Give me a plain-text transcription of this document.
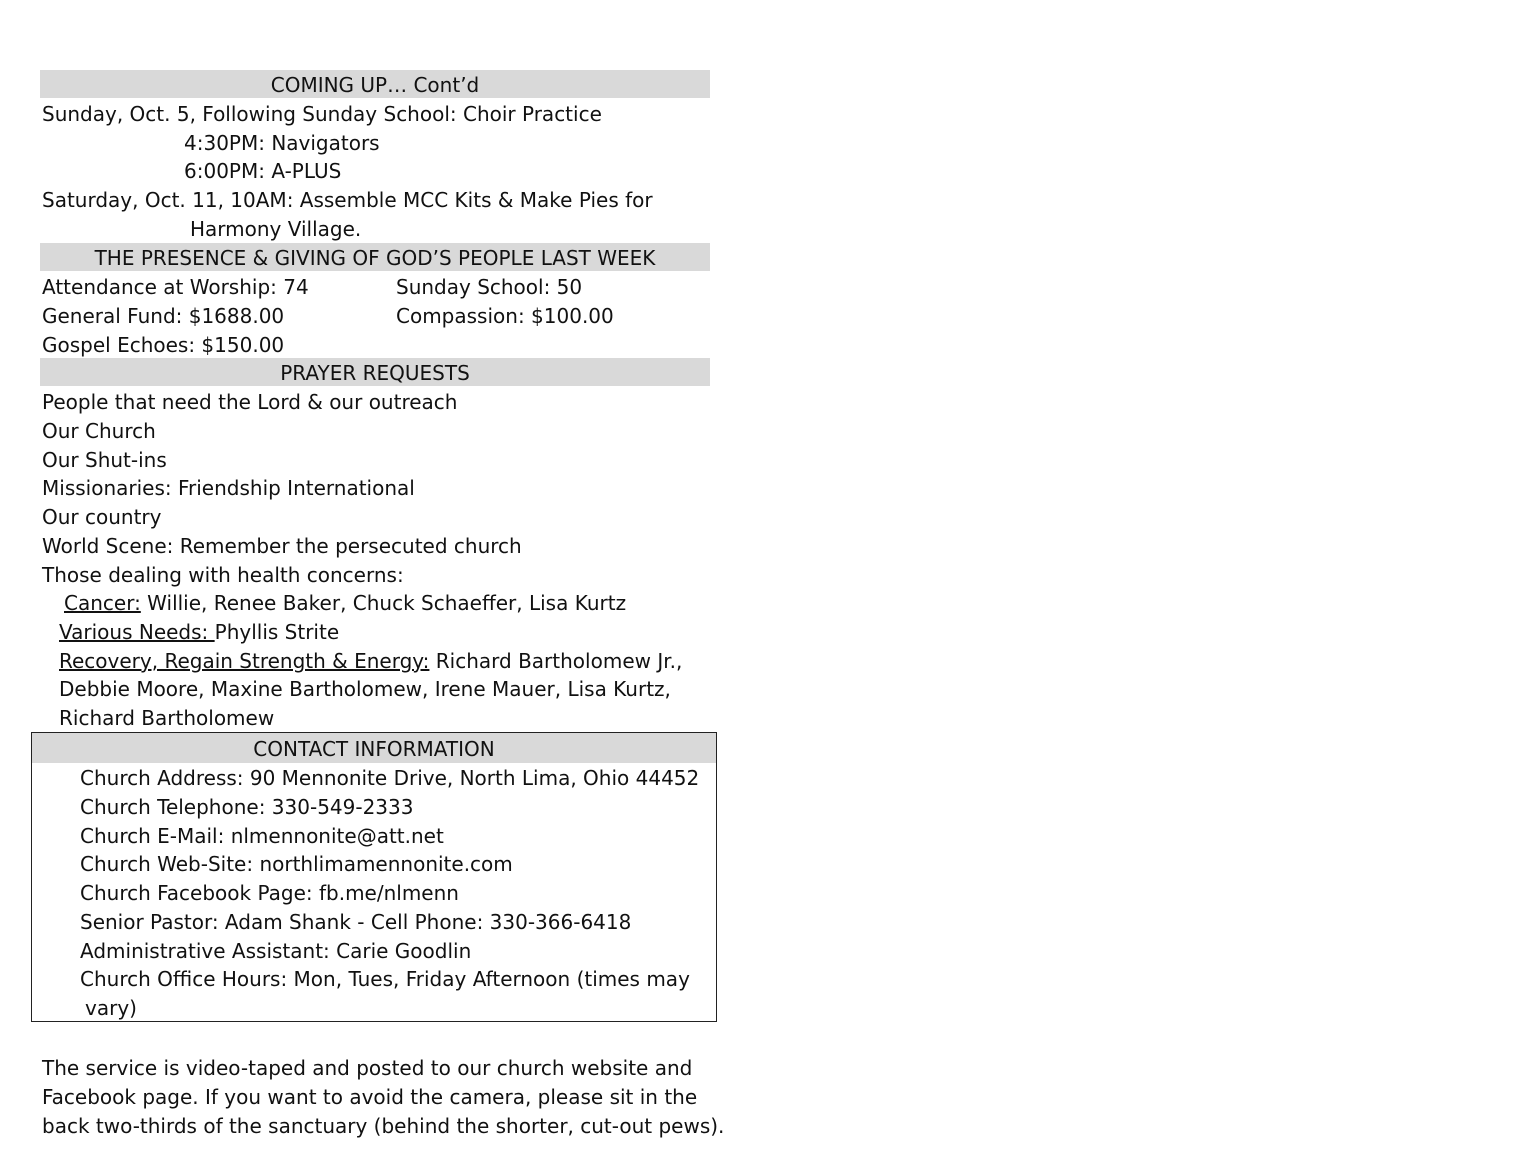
COMING UP… Cont’d
Sunday, Oct. 5, Following Sunday School: Choir Practice
4:30PM: Navigators
6:00PM: A-PLUS
Saturday, Oct. 11, 10AM: Assemble MCC Kits & Make Pies for
Harmony Village.
THE PRESENCE & GIVING OF GOD’S PEOPLE LAST WEEK
Attendance at Worship: 74	Sunday School: 50
General Fund: $1688.00	Compassion: $100.00
Gospel Echoes: $150.00
PRAYER REQUESTS
People that need the Lord & our outreach
Our Church
Our Shut-ins
Missionaries: Friendship International
Our country
World Scene: Remember the persecuted church
Those dealing with health concerns:
Cancer: Willie, Renee Baker, Chuck Schaeffer, Lisa Kurtz
Various Needs: Phyllis Strite
Recovery, Regain Strength & Energy: Richard Bartholomew Jr.,
Debbie Moore, Maxine Bartholomew, Irene Mauer, Lisa Kurtz,
Richard Bartholomew
CONTACT INFORMATION
Church Address: 90 Mennonite Drive, North Lima, Ohio 44452
Church Telephone: 330-549-2333
Church E-Mail: nlmennonite@att.net
Church Web-Site: northlimamennonite.com
Church Facebook Page: fb.me/nlmenn
Senior Pastor: Adam Shank - Cell Phone: 330-366-6418
Administrative Assistant: Carie Goodlin
Church Office Hours: Mon, Tues, Friday Afternoon (times may
vary)
The service is video-taped and posted to our church website and
Facebook page. If you want to avoid the camera, please sit in the
back two-thirds of the sanctuary (behind the shorter, cut-out pews).
